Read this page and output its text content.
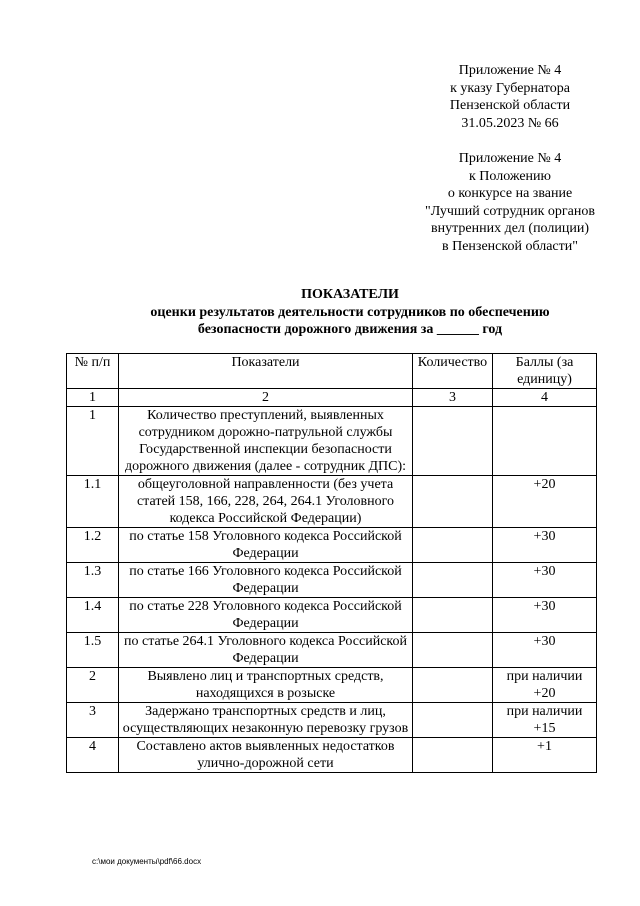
Приложение № 4
к указу Губернатора
Пензенской области
31.05.2023 № 66
Приложение № 4
к Положению
о конкурсе на звание
"Лучший сотрудник органов
внутренних дел (полиции)
в Пензенской области"
ПОКАЗАТЕЛИ
оценки результатов деятельности сотрудников по обеспечению
безопасности дорожного движения за ______ год
№ п/п	Показатели	Количество	Баллы (за единицу)
1	2	3	4
1	Количество преступлений, выявленных сотрудником дорожно-патрульной службы Государственной инспекции безопасности дорожного движения (далее - сотрудник ДПС):		
1.1	общеуголовной направленности (без учета статей 158, 166, 228, 264, 264.1 Уголовного кодекса Российской Федерации)		+20
1.2	по статье 158 Уголовного кодекса Российской Федерации		+30
1.3	по статье 166 Уголовного кодекса Российской Федерации		+30
1.4	по статье 228 Уголовного кодекса Российской Федерации		+30
1.5	по статье 264.1 Уголовного кодекса Российской Федерации		+30
2	Выявлено лиц и транспортных средств, находящихся в розыске		при наличии +20
3	Задержано транспортных средств и лиц, осуществляющих незаконную перевозку грузов		при наличии +15
4	Составлено актов выявленных недостатков улично-дорожной сети		+1
c:\мои документы\pdf\66.docx
